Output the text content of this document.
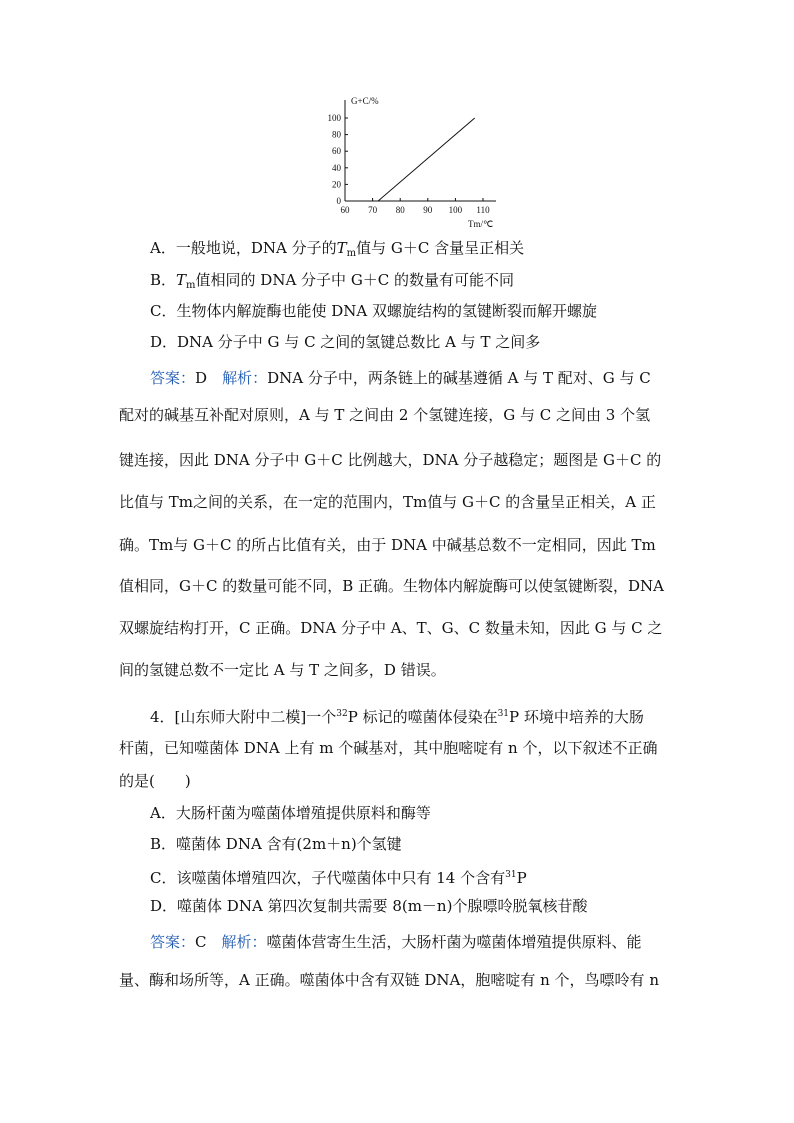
G+C/%
Tm/℃
100
80
60
40
20
0
60 70 80 90 100 110
A．一般地说，DNA 分子的$T_m$值与 G＋C 含量呈正相关
B．$T_m$值相同的 DNA 分子中 G＋C 的数量有可能不同
C．生物体内解旋酶也能使 DNA 双螺旋结构的氢键断裂而解开螺旋
D．DNA 分子中 G 与 C 之间的氢键总数比 A 与 T 之间多
答案：D　 解析：DNA 分子中，两条链上的碱基遵循 A 与 T 配对、G 与 C
配对的碱基互补配对原则，A 与 T 之间由 2 个氢键连接，G 与 C 之间由 3 个氢
键连接，因此 DNA 分子中 G＋C 比例越大，DNA 分子越稳定；题图是 G＋C 的
比值与 Tm之间的关系，在一定的范围内，Tm值与 G＋C 的含量呈正相关，A 正
确。Tm与 G＋C 的所占比值有关，由于 DNA 中碱基总数不一定相同，因此 Tm
值相同，G＋C 的数量可能不同，B 正确。生物体内解旋酶可以使氢键断裂，DNA
双螺旋结构打开，C 正确。DNA 分子中 A、T、G、C 数量未知，因此 G 与 C 之
间的氢键总数不一定比 A 与 T 之间多，D 错误。
4．[山东师大附中二模]一个$^{32}$P 标记的噬菌体侵染在$^{31}$P 环境中培养的大肠
杆菌，已知噬菌体 DNA 上有 m 个碱基对，其中胞嘧啶有 n 个，以下叙述不正确
的是(　　)
A．大肠杆菌为噬菌体增殖提供原料和酶等
B．噬菌体 DNA 含有(2m＋n)个氢键
C．该噬菌体增殖四次，子代噬菌体中只有 14 个含有$^{31}$P
D．噬菌体 DNA 第四次复制共需要 8(m－n)个腺嘌呤脱氧核苷酸
答案：C　 解析：噬菌体营寄生生活，大肠杆菌为噬菌体增殖提供原料、能
量、酶和场所等，A 正确。噬菌体中含有双链 DNA，胞嘧啶有 n 个，鸟嘌呤有 n
